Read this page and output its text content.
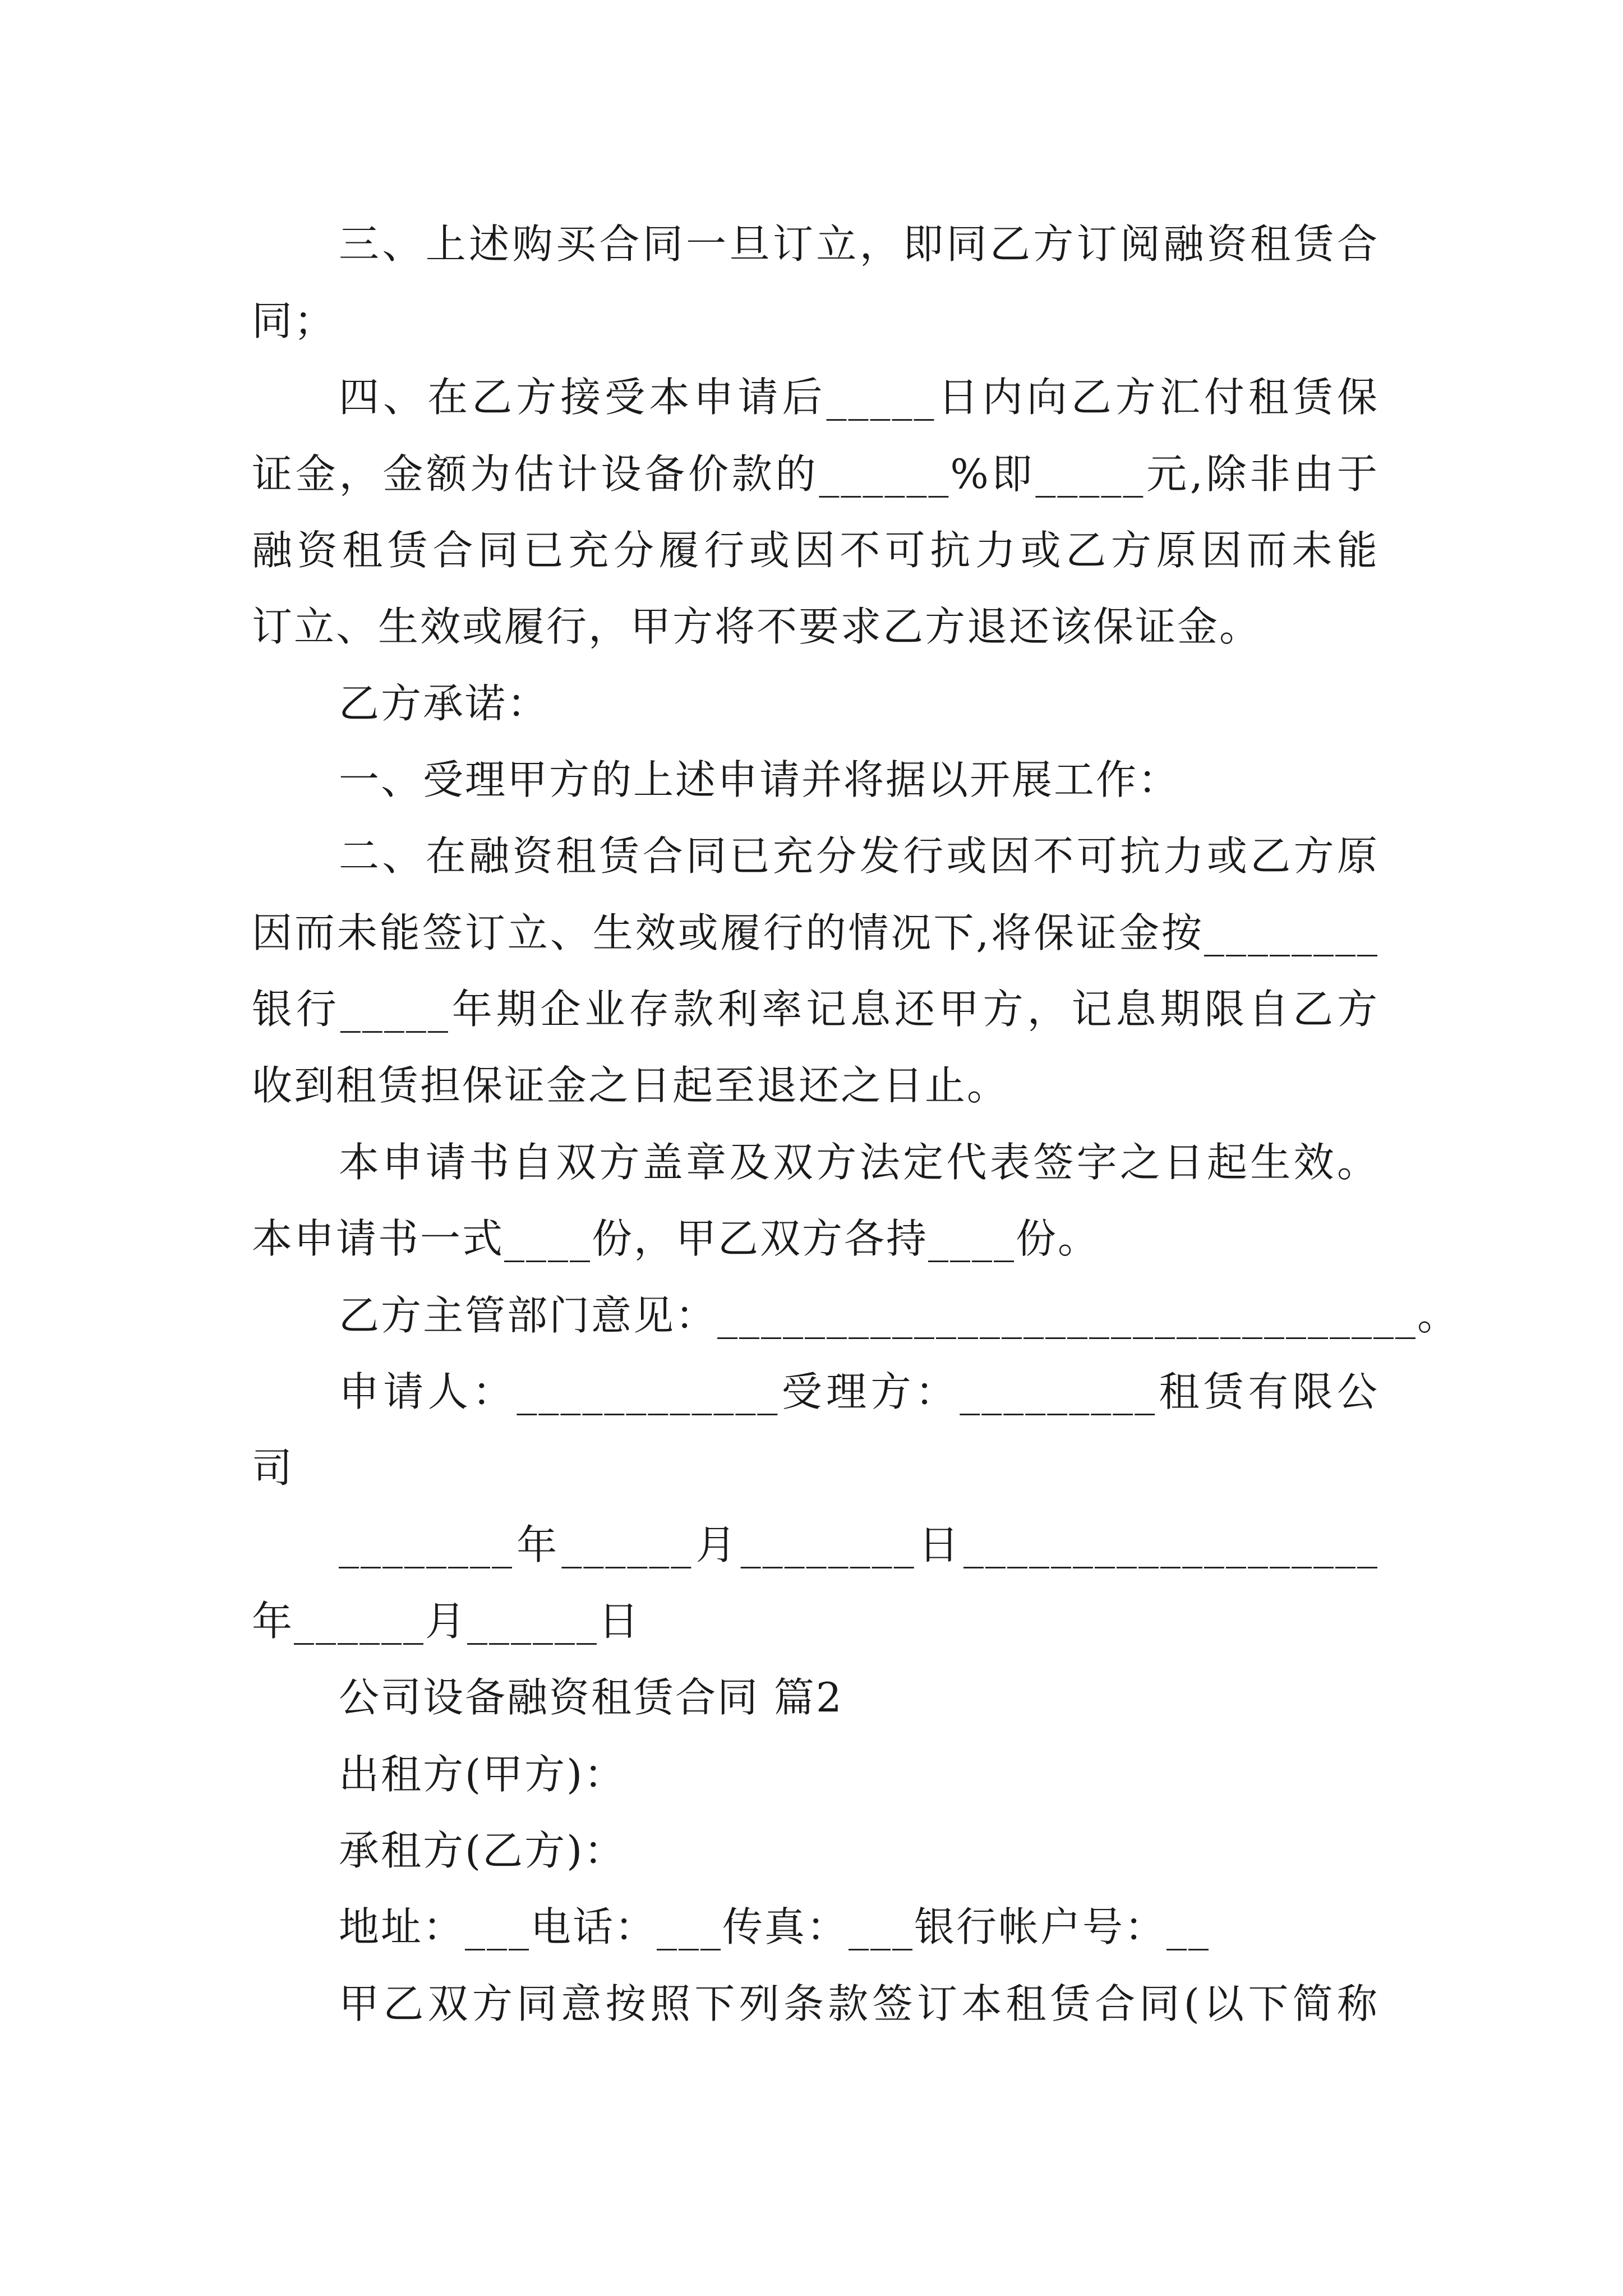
三、上述购买合同一旦订立，即同乙方订阅融资租赁合
同；
四、在乙方接受本申请后_____日内向乙方汇付租赁保
证金，金额为估计设备价款的______%即_____元,除非由于
融资租赁合同已充分履行或因不可抗力或乙方原因而未能
订立、生效或履行，甲方将不要求乙方退还该保证金。
乙方承诺：
一、受理甲方的上述申请并将据以开展工作：
二、在融资租赁合同已充分发行或因不可抗力或乙方原
因而未能签订立、生效或履行的情况下,将保证金按________
银行_____年期企业存款利率记息还甲方，记息期限自乙方
收到租赁担保证金之日起至退还之日止。
本申请书自双方盖章及双方法定代表签字之日起生效。
本申请书一式____份，甲乙双方各持____份。
乙方主管部门意见：________________________________。
申请人：____________受理方：_________租赁有限公
司
________年______月________日___________________
年______月______日
公司设备融资租赁合同 篇2
出租方(甲方)：
承租方(乙方)：
地址：___电话：___传真：___银行帐户号：__
甲乙双方同意按照下列条款签订本租赁合同(以下简称
